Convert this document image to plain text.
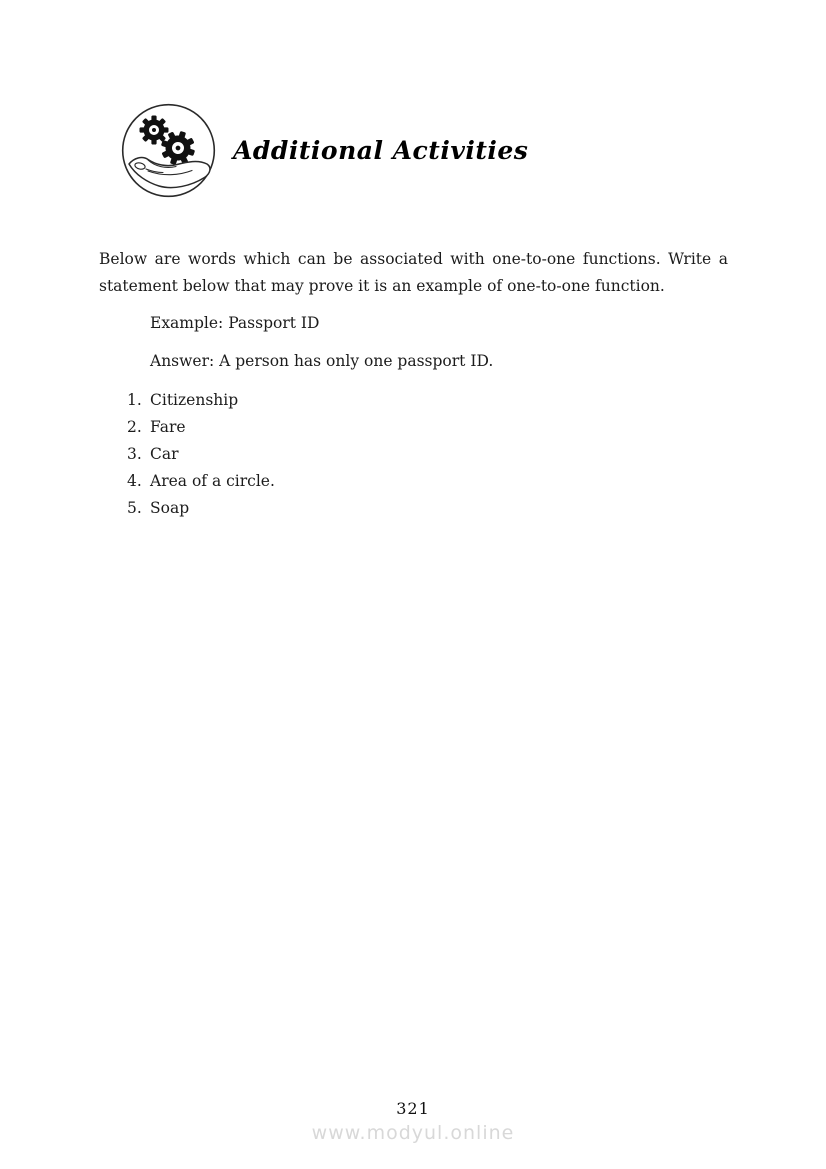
Additional Activities

Below are words which can be associated with one-to-one functions. Write a statement below that may prove it is an example of one-to-one function.

Example: Passport ID

Answer: A person has only one passport ID.

1. Citizenship
2. Fare
3. Car
4. Area of a circle.
5. Soap
321
www.modyul.online
